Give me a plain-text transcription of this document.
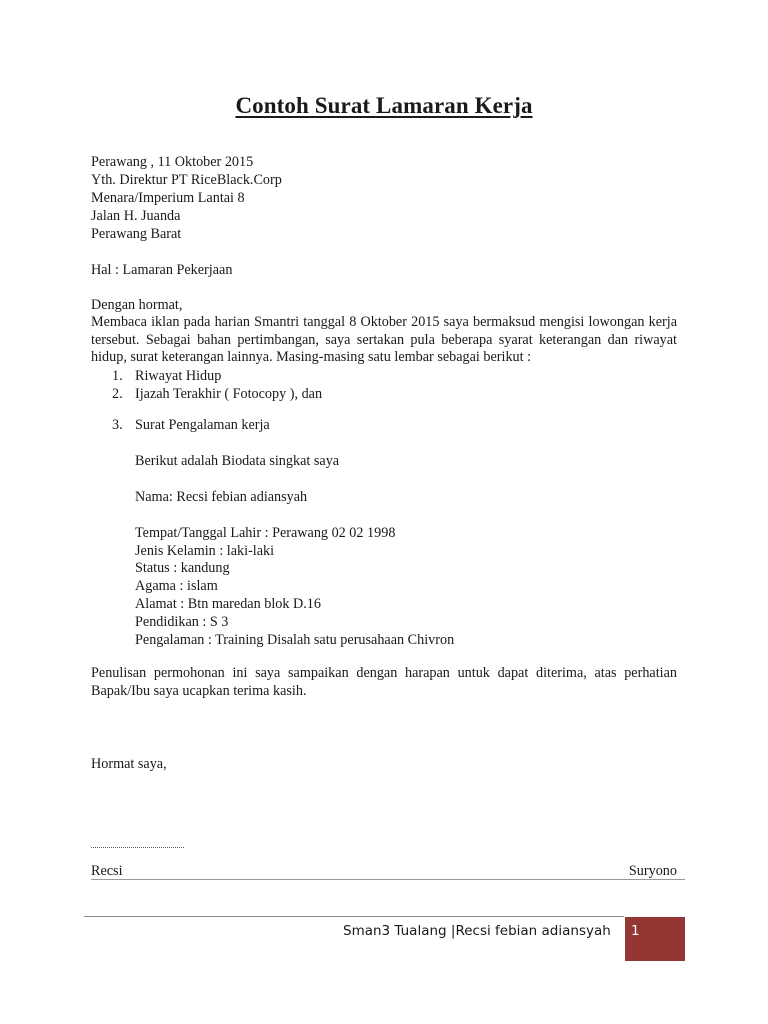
Contoh Surat Lamaran Kerja
Perawang , 11 Oktober 2015
Yth. Direktur PT RiceBlack.Corp
Menara/Imperium Lantai 8
Jalan H. Juanda
Perawang Barat
Hal : Lamaran Pekerjaan
Dengan hormat,

Membaca iklan pada harian Smantri tanggal 8 Oktober 2015 saya bermaksud mengisi lowongan kerja tersebut. Sebagai bahan pertimbangan, saya sertakan pula beberapa syarat keterangan dan riwayat hidup, surat keterangan lainnya. Masing-masing satu lembar sebagai berikut :

1. Riwayat Hidup
2. Ijazah Terakhir ( Fotocopy ), dan
3. Surat Pengalaman kerja
Berikut adalah Biodata singkat saya
Nama: Recsi febian adiansyah
Tempat/Tanggal Lahir : Perawang 02 02 1998
Jenis Kelamin : laki-laki
Status : kandung
Agama : islam
Alamat : Btn maredan blok D.16
Pendidikan : S 3
Pengalaman : Training Disalah satu perusahaan Chivron

Penulisan permohonan ini saya sampaikan dengan harapan untuk dapat diterima, atas perhatian Bapak/Ibu saya ucapkan terima kasih.

Hormat saya,
Recsi	Suryono
Sman3 Tualang |Recsi febian adiansyah 1
